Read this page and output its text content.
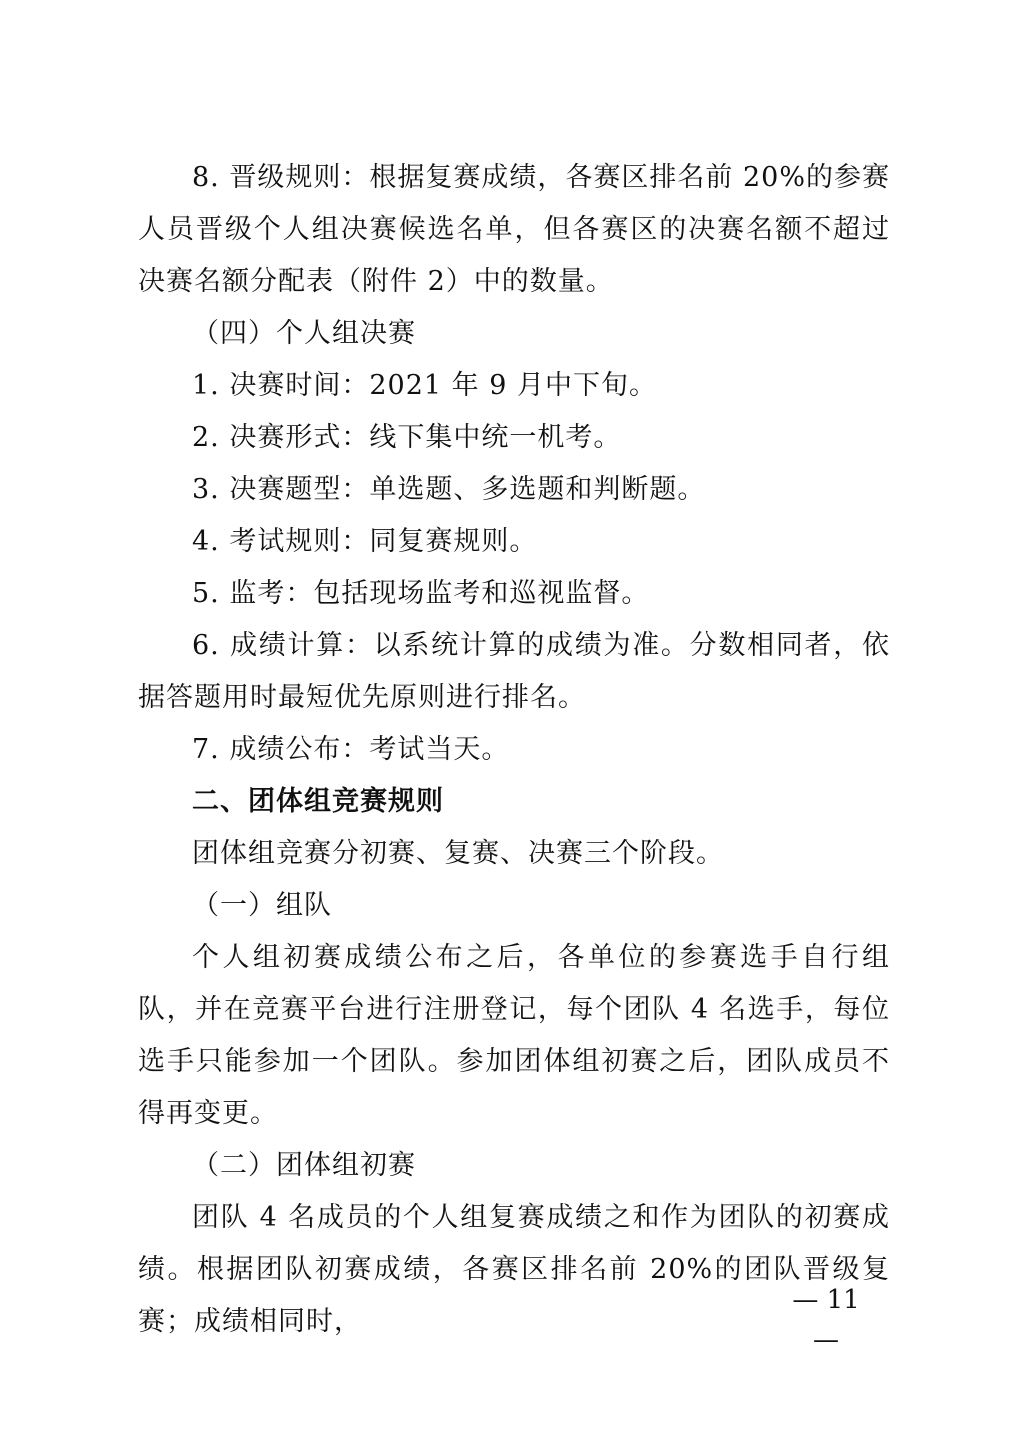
8. 晋级规则：根据复赛成绩，各赛区排名前 20%的参赛人员晋级个人组决赛候选名单，但各赛区的决赛名额不超过决赛名额分配表（附件 2）中的数量。

（四）个人组决赛

1. 决赛时间：2021 年 9 月中下旬。

2. 决赛形式：线下集中统一机考。

3. 决赛题型：单选题、多选题和判断题。

4. 考试规则：同复赛规则。

5. 监考：包括现场监考和巡视监督。

6. 成绩计算：以系统计算的成绩为准。分数相同者，依据答题用时最短优先原则进行排名。

7. 成绩公布：考试当天。

二、团体组竞赛规则

团体组竞赛分初赛、复赛、决赛三个阶段。

（一）组队

个人组初赛成绩公布之后，各单位的参赛选手自行组队，并在竞赛平台进行注册登记，每个团队 4 名选手，每位选手只能参加一个团队。参加团体组初赛之后，团队成员不得再变更。

（二）团体组初赛

团队 4 名成员的个人组复赛成绩之和作为团队的初赛成绩。根据团队初赛成绩，各赛区排名前 20%的团队晋级复赛；成绩相同时，

— 11 —
